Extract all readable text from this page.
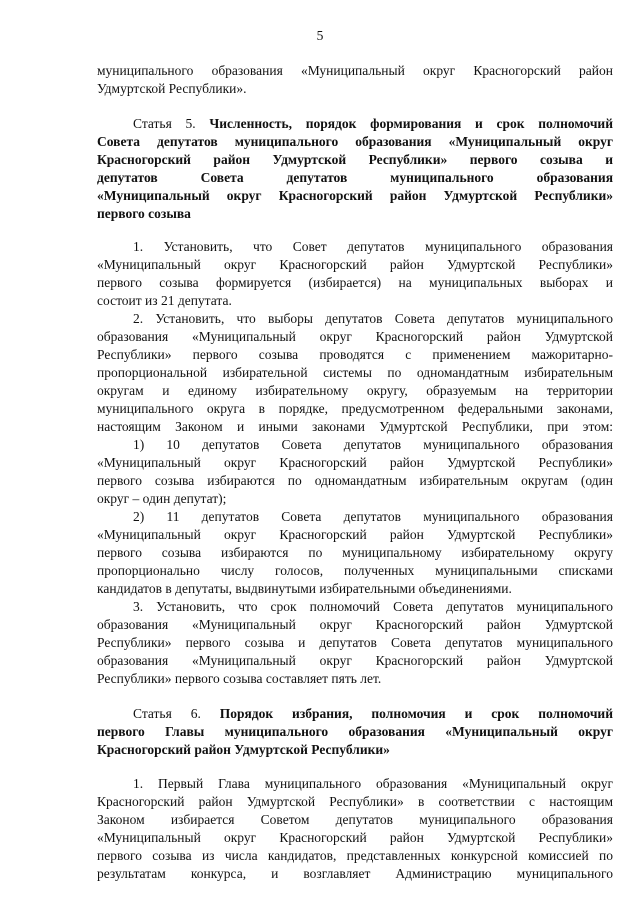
5
муниципального образования «Муниципальный округ Красногорский район
Удмуртской Республики».
Статья 5. Численность, порядок формирования и срок полномочий
Совета депутатов муниципального образования «Муниципальный округ
Красногорский район Удмуртской Республики» первого созыва и
депутатов Совета депутатов муниципального образования
«Муниципальный округ Красногорский район Удмуртской Республики»
первого созыва
1. Установить, что Совет депутатов муниципального образования
«Муниципальный округ Красногорский район Удмуртской Республики»
первого созыва формируется (избирается) на муниципальных выборах и
состоит из 21 депутата.
2. Установить, что выборы депутатов Совета депутатов муниципального
образования «Муниципальный округ Красногорский район Удмуртской
Республики» первого созыва проводятся с применением мажоритарно-
пропорциональной избирательной системы по одномандатным избирательным
округам и единому избирательному округу, образуемым на территории
муниципального округа в порядке, предусмотренном федеральными законами,
настоящим Законом и иными законами Удмуртской Республики, при этом:
1) 10 депутатов Совета депутатов муниципального образования
«Муниципальный округ Красногорский район Удмуртской Республики»
первого созыва избираются по одномандатным избирательным округам (один
округ – один депутат);
2) 11 депутатов Совета депутатов муниципального образования
«Муниципальный округ Красногорский район Удмуртской Республики»
первого созыва избираются по муниципальному избирательному округу
пропорционально числу голосов, полученных муниципальными списками
кандидатов в депутаты, выдвинутыми избирательными объединениями.
3. Установить, что срок полномочий Совета депутатов муниципального
образования «Муниципальный округ Красногорский район Удмуртской
Республики» первого созыва и депутатов Совета депутатов муниципального
образования «Муниципальный округ Красногорский район Удмуртской
Республики» первого созыва составляет пять лет.
Статья 6. Порядок избрания, полномочия и срок полномочий
первого Главы муниципального образования «Муниципальный округ
Красногорский район Удмуртской Республики»
1. Первый Глава муниципального образования «Муниципальный округ
Красногорский район Удмуртской Республики» в соответствии с настоящим
Законом избирается Советом депутатов муниципального образования
«Муниципальный округ Красногорский район Удмуртской Республики»
первого созыва из числа кандидатов, представленных конкурсной комиссией по
результатам конкурса, и возглавляет Администрацию муниципального
